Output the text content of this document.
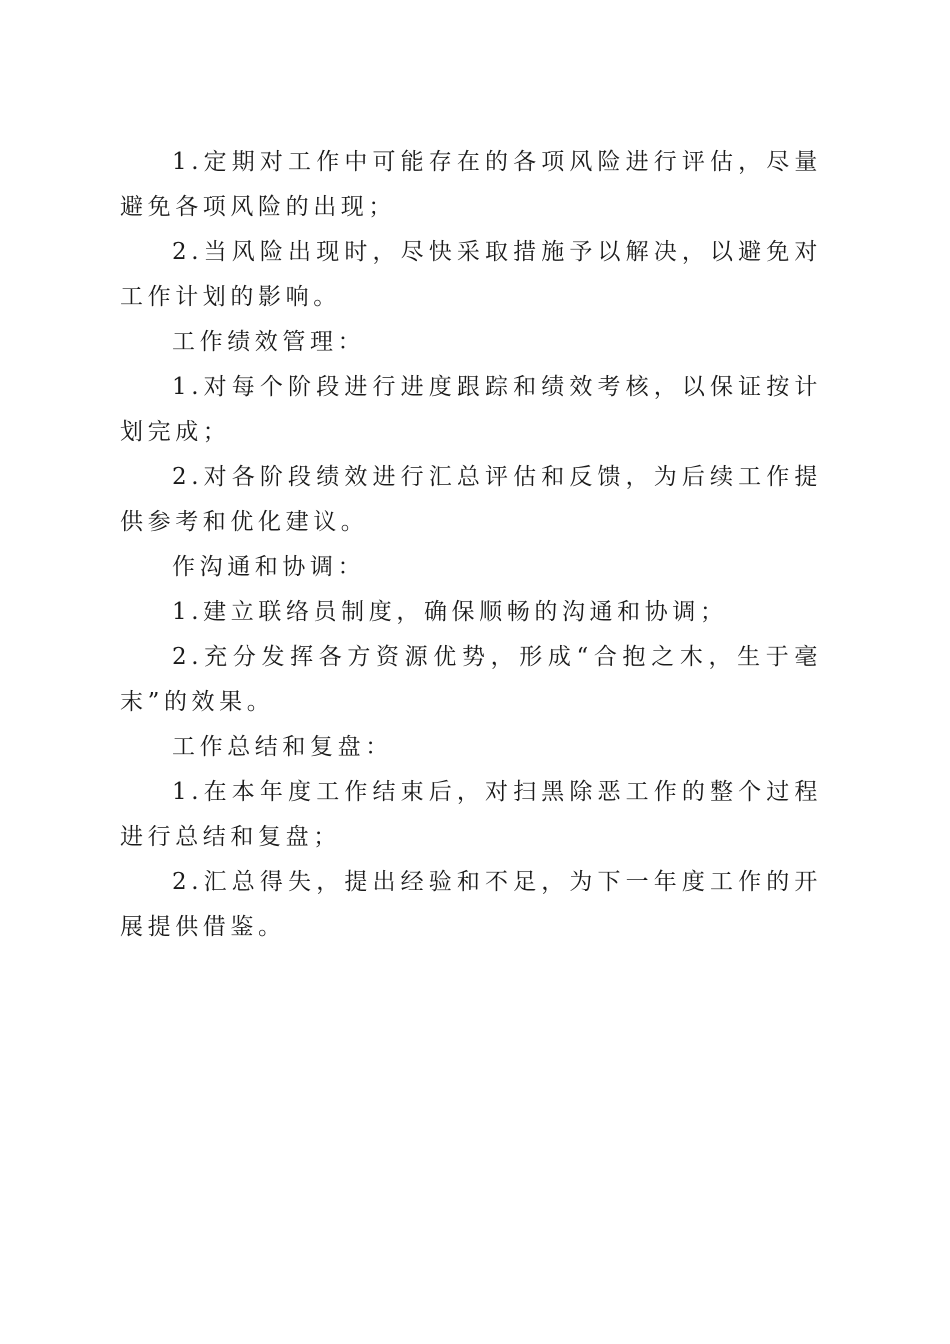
1.定期对工作中可能存在的各项风险进行评估，尽量避免各项风险的出现；

2.当风险出现时，尽快采取措施予以解决，以避免对工作计划的影响。

工作绩效管理：

1.对每个阶段进行进度跟踪和绩效考核，以保证按计划完成；

2.对各阶段绩效进行汇总评估和反馈，为后续工作提供参考和优化建议。

作沟通和协调：

1.建立联络员制度，确保顺畅的沟通和协调；

2.充分发挥各方资源优势，形成“合抱之木，生于毫末”的效果。

工作总结和复盘：

1.在本年度工作结束后，对扫黑除恶工作的整个过程进行总结和复盘；

2.汇总得失，提出经验和不足，为下一年度工作的开展提供借鉴。
